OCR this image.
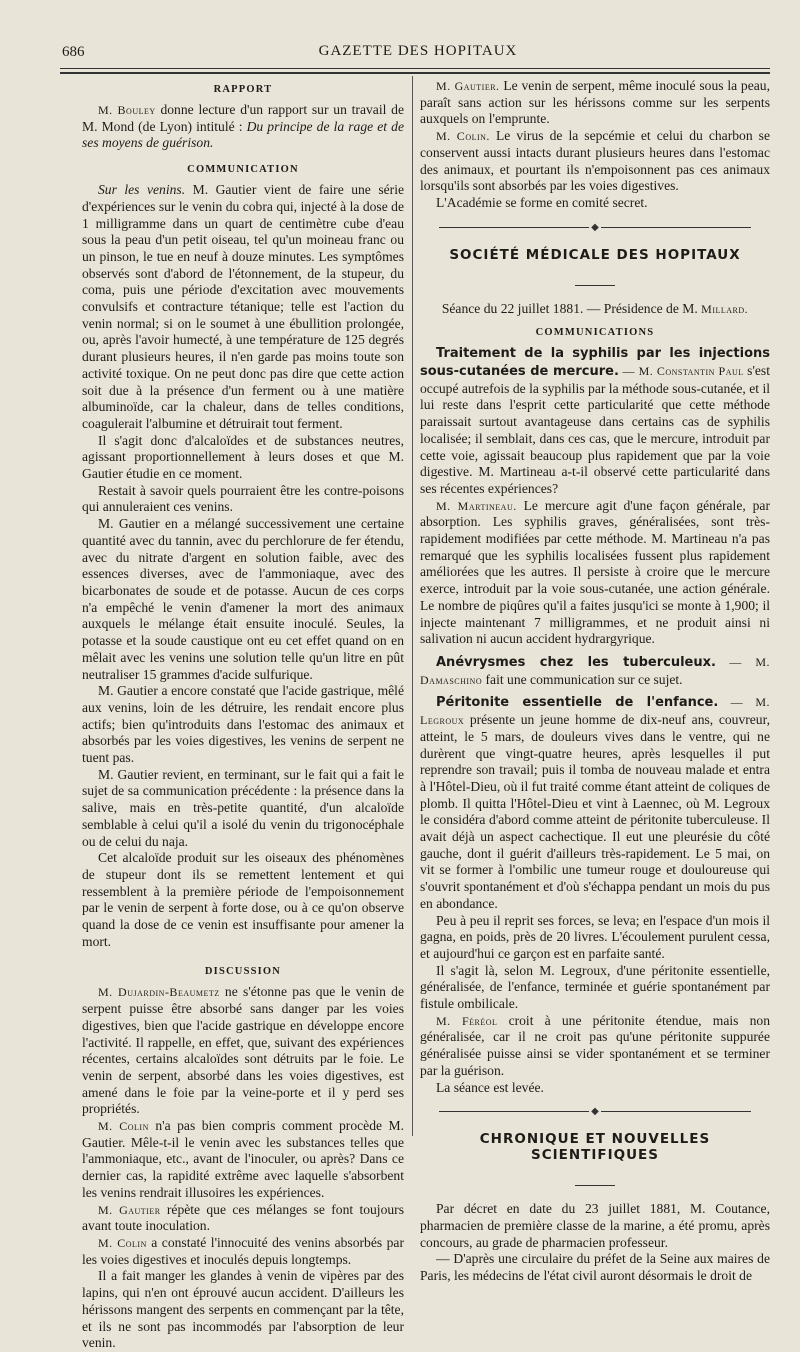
686	GAZETTE DES HOPITAUX
RAPPORT

M. Bouley donne lecture d'un rapport sur un travail de M. Mond (de Lyon) intitulé : Du principe de la rage et de ses moyens de guérison.

COMMUNICATION

Sur les venins. M. Gautier vient de faire une série d'expériences sur le venin du cobra qui, injecté à la dose de 1 milligramme dans un quart de centimètre cube d'eau sous la peau d'un petit oiseau, tel qu'un moineau franc ou un pinson, le tue en neuf à douze minutes. Les symptômes observés sont d'abord de l'étonnement, de la stupeur, du coma, puis une période d'excitation avec mouvements convulsifs et contracture tétanique; telle est l'action du venin normal; si on le soumet à une ébullition prolongée, ou, après l'avoir humecté, à une température de 125 degrés durant plusieurs heures, il n'en garde pas moins toute son activité toxique. On ne peut donc pas dire que cette action soit due à la présence d'un ferment ou à une matière albuminoïde, car la chaleur, dans de telles conditions, coagulerait l'albumine et détruirait tout ferment.

Il s'agit donc d'alcaloïdes et de substances neutres, agissant proportionnellement à leurs doses et que M. Gautier étudie en ce moment.

Restait à savoir quels pourraient être les contre-poisons qui annuleraient ces venins.

M. Gautier en a mélangé successivement une certaine quantité avec du tannin, avec du perchlorure de fer étendu, avec du nitrate d'argent en solution faible, avec des essences diverses, avec de l'ammoniaque, avec des bicarbonates de soude et de potasse. Aucun de ces corps n'a empêché le venin d'amener la mort des animaux auxquels le mélange était ensuite inoculé. Seules, la potasse et la soude caustique ont eu cet effet quand on en mêlait avec les venins une solution telle qu'un litre en pût neutraliser 15 grammes d'acide sulfurique.

M. Gautier a encore constaté que l'acide gastrique, mêlé aux venins, loin de les détruire, les rendait encore plus actifs; bien qu'introduits dans l'estomac des animaux et absorbés par les voies digestives, les venins de serpent ne tuent pas.

M. Gautier revient, en terminant, sur le fait qui a fait le sujet de sa communication précédente : la présence dans la salive, mais en très-petite quantité, d'un alcaloïde semblable à celui qu'il a isolé du venin du trigonocéphale ou de celui du naja.

Cet alcaloïde produit sur les oiseaux des phénomènes de stupeur dont ils se remettent lentement et qui ressemblent à la première période de l'empoisonnement par le venin de serpent à forte dose, ou à ce qu'on observe quand la dose de ce venin est insuffisante pour amener la mort.

DISCUSSION

M. Dujardin-Beaumetz ne s'étonne pas que le venin de serpent puisse être absorbé sans danger par les voies digestives, bien que l'acide gastrique en développe encore l'activité. Il rappelle, en effet, que, suivant des expériences récentes, certains alcaloïdes sont détruits par le foie. Le venin de serpent, absorbé dans les voies digestives, est amené dans le foie par la veine-porte et il y perd ses propriétés.

M. Colin n'a pas bien compris comment procède M. Gautier. Mêle-t-il le venin avec les substances telles que l'ammoniaque, etc., avant de l'inoculer, ou après? Dans ce dernier cas, la rapidité extrême avec laquelle s'absorbent les venins rendrait illusoires les expériences.

M. Gautier répète que ces mélanges se font toujours avant toute inoculation.

M. Colin a constaté l'innocuité des venins absorbés par les voies digestives et inoculés depuis longtemps.

Il a fait manger les glandes à venin de vipères par des lapins, qui n'en ont éprouvé aucun accident. D'ailleurs les hérissons mangent des serpents en commençant par la tête, et ils ne sont pas incommodés par l'absorption de leur venin.

M. Gautier. Le venin de serpent, même inoculé sous la peau, paraît sans action sur les hérissons comme sur les serpents auxquels on l'emprunte.

M. Colin. Le virus de la sepcémie et celui du charbon se conservent aussi intacts durant plusieurs heures dans l'estomac des animaux, et pourtant ils n'empoisonnent pas ces animaux lorsqu'ils sont absorbés par les voies digestives.

L'Académie se forme en comité secret.

◆
SOCIÉTÉ MÉDICALE DES HOPITAUX

Séance du 22 juillet 1881. — Présidence de M. Millard.

COMMUNICATIONS

Traitement de la syphilis par les injections sous-cutanées de mercure. — M. Constantin Paul s'est occupé autrefois de la syphilis par la méthode sous-cutanée, et il lui reste dans l'esprit cette particularité que cette méthode paraissait surtout avantageuse dans certains cas de syphilis localisée; il semblait, dans ces cas, que le mercure, introduit par cette voie, agissait beaucoup plus rapidement que par la voie digestive. M. Martineau a-t-il observé cette particularité dans ses récentes expériences?

M. Martineau. Le mercure agit d'une façon générale, par absorption. Les syphilis graves, généralisées, sont très-rapidement modifiées par cette méthode. M. Martineau n'a pas remarqué que les syphilis localisées fussent plus rapidement améliorées que les autres. Il persiste à croire que le mercure exerce, introduit par la voie sous-cutanée, une action générale. Le nombre de piqûres qu'il a faites jusqu'ici se monte à 1,900; il injecte maintenant 7 milligrammes, et ne produit ainsi ni salivation ni aucun accident hydrargyrique.

Anévrysmes chez les tuberculeux. — M. Damaschino fait une communication sur ce sujet.

Péritonite essentielle de l'enfance. — M. Legroux présente un jeune homme de dix-neuf ans, couvreur, atteint, le 5 mars, de douleurs vives dans le ventre, qui ne durèrent que vingt-quatre heures, après lesquelles il put reprendre son travail; puis il tomba de nouveau malade et entra à l'Hôtel-Dieu, où il fut traité comme étant atteint de coliques de plomb. Il quitta l'Hôtel-Dieu et vint à Laennec, où M. Legroux le considéra d'abord comme atteint de péritonite tuberculeuse. Il avait déjà un aspect cachectique. Il eut une pleurésie du côté gauche, dont il guérit d'ailleurs très-rapidement. Le 5 mai, on vit se former à l'ombilic une tumeur rouge et douloureuse qui s'ouvrit spontanément et d'où s'échappa pendant un mois du pus en abondance.

Peu à peu il reprit ses forces, se leva; en l'espace d'un mois il gagna, en poids, près de 20 livres. L'écoulement purulent cessa, et aujourd'hui ce garçon est en parfaite santé.

Il s'agit là, selon M. Legroux, d'une péritonite essentielle, généralisée, de l'enfance, terminée et guérie spontanément par fistule ombilicale.

M. Féréol croit à une péritonite étendue, mais non généralisée, car il ne croit pas qu'une péritonite suppurée généralisée puisse ainsi se vider spontanément et se terminer par la guérison.

La séance est levée.

◆
CHRONIQUE ET NOUVELLES SCIENTIFIQUES

Par décret en date du 23 juillet 1881, M. Coutance, pharmacien de première classe de la marine, a été promu, après concours, au grade de pharmacien professeur.

— D'après une circulaire du préfet de la Seine aux maires de Paris, les médecins de l'état civil auront désormais le droit de
